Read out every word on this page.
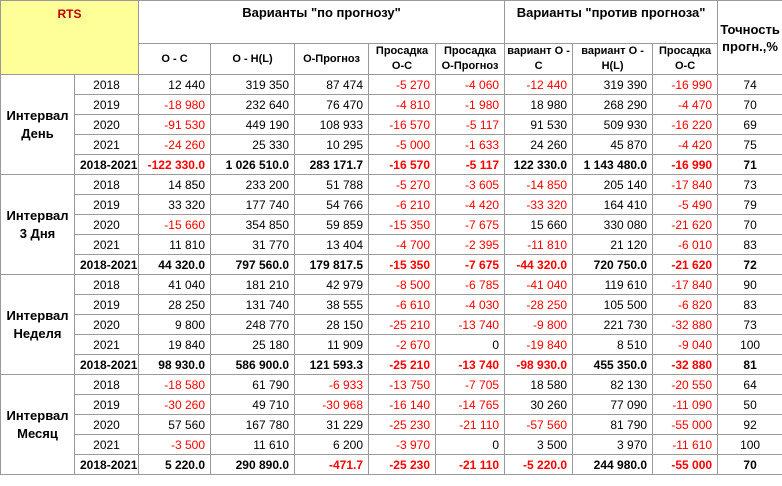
RTS		Варианты "по прогнозу"					Варианты "против прогноза"			Точность прогн.,%
		О - С	О - H(L)	О-Прогноз	Просадка О-С	Просадка О-Прогноз	вариант О - С	вариант О - H(L)	Просадка О-С	
Интервал День	2018	12 440	319 350	87 474	-5 270	-4 060	-12 440	319 390	-16 990	74
	2019	-18 980	232 640	76 470	-4 810	-1 980	18 980	268 290	-4 470	70
	2020	-91 530	449 190	108 933	-16 570	-5 117	91 530	509 930	-16 220	69
	2021	-24 260	25 330	10 295	-5 000	-1 633	24 260	45 870	-4 420	75
	2018-2021	-122 330.0	1 026 510.0	283 171.7	-16 570	-5 117	122 330.0	1 143 480.0	-16 990	71
Интервал 3 Дня	2018	14 850	233 200	51 788	-5 270	-3 605	-14 850	205 140	-17 840	73
	2019	33 320	177 740	54 766	-6 210	-4 420	-33 320	164 410	-5 490	79
	2020	-15 660	354 850	59 859	-15 350	-7 675	15 660	330 080	-21 620	70
	2021	11 810	31 770	13 404	-4 700	-2 395	-11 810	21 120	-6 010	83
	2018-2021	44 320.0	797 560.0	179 817.5	-15 350	-7 675	-44 320.0	720 750.0	-21 620	72
Интервал Неделя	2018	41 040	181 210	42 979	-8 500	-6 785	-41 040	119 610	-17 840	90
	2019	28 250	131 740	38 555	-6 610	-4 030	-28 250	105 500	-6 820	83
	2020	9 800	248 770	28 150	-25 210	-13 740	-9 800	221 730	-32 880	73
	2021	19 840	25 180	11 909	-2 670	0	-19 840	8 510	-9 040	100
	2018-2021	98 930.0	586 900.0	121 593.3	-25 210	-13 740	-98 930.0	455 350.0	-32 880	81
Интервал Месяц	2018	-18 580	61 790	-6 933	-13 750	-7 705	18 580	82 130	-20 550	64
	2019	-30 260	49 710	-30 968	-16 140	-14 765	30 260	77 090	-11 090	50
	2020	57 560	167 780	31 229	-25 230	-21 110	-57 560	81 790	-55 000	92
	2021	-3 500	11 610	6 200	-3 970	0	3 500	3 970	-11 610	100
	2018-2021	5 220.0	290 890.0	-471.7	-25 230	-21 110	-5 220.0	244 980.0	-55 000	70
